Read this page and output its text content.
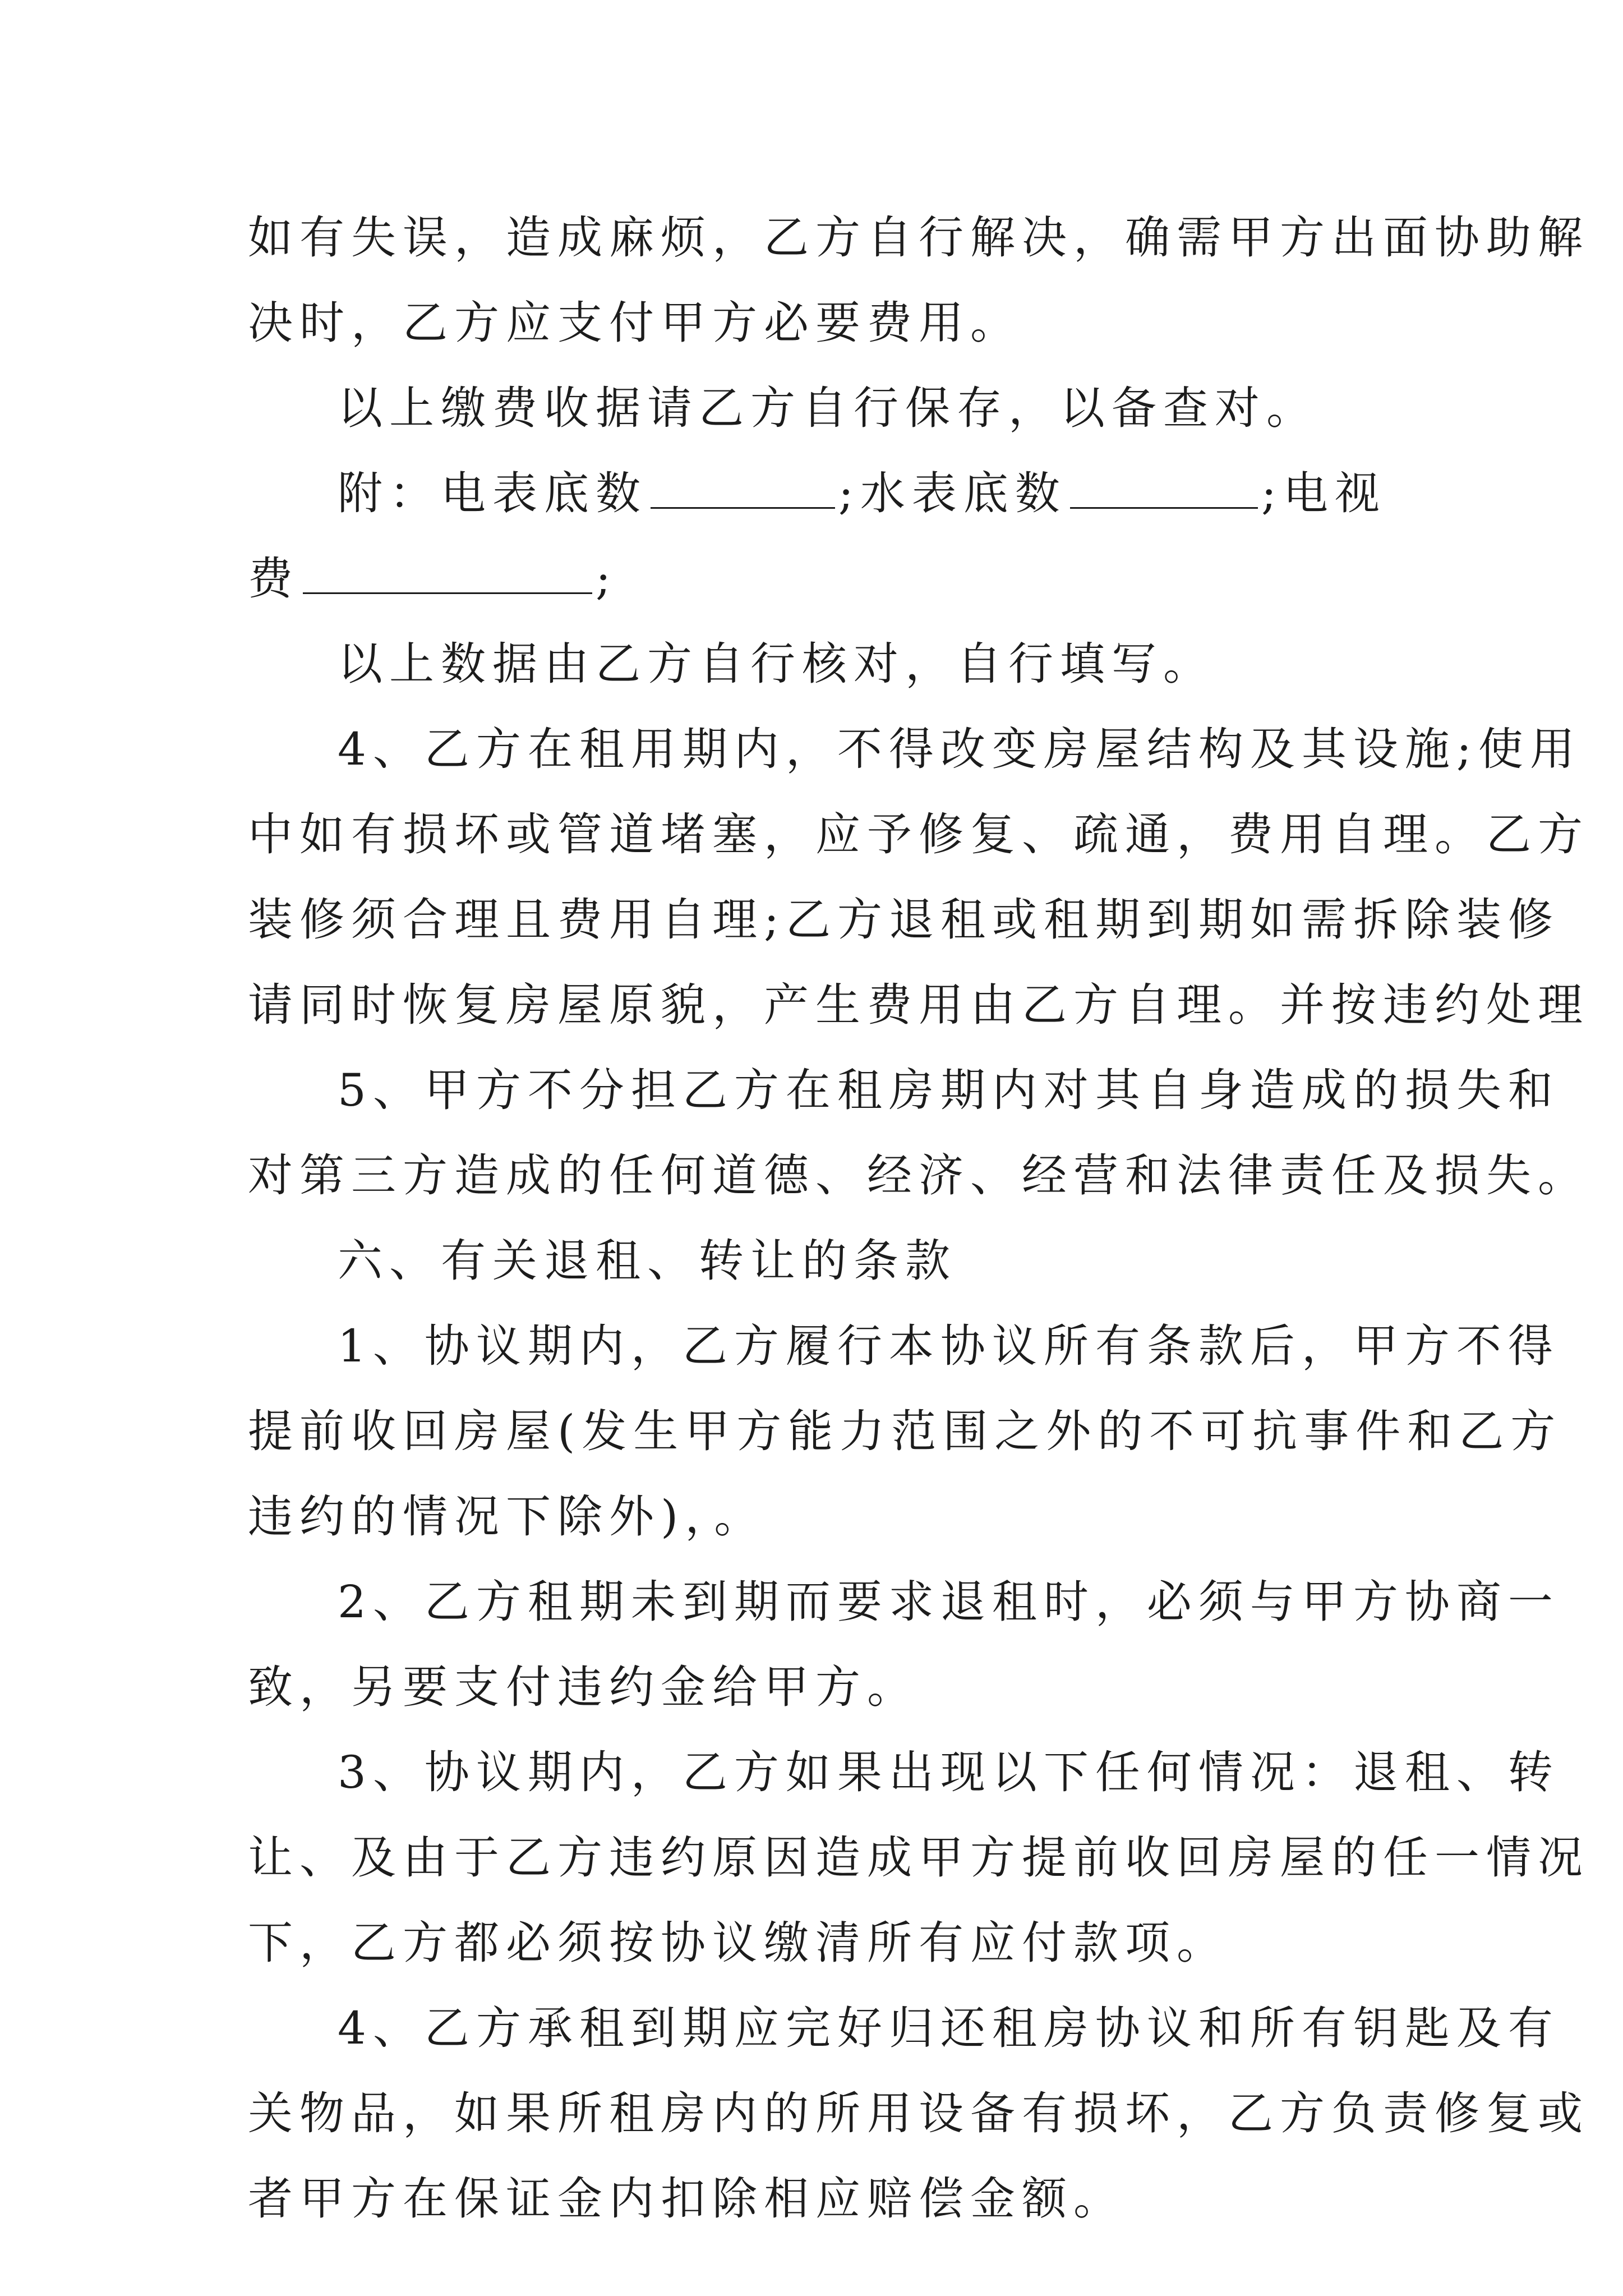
如有失误，造成麻烦，乙方自行解决，确需甲方出面协助解
决时，乙方应支付甲方必要费用。
以上缴费收据请乙方自行保存，以备查对。
附：电表底数	;水表底数	;电视
费	;
以上数据由乙方自行核对，自行填写。
4、乙方在租用期内，不得改变房屋结构及其设施;使用
中如有损坏或管道堵塞，应予修复、疏通，费用自理。乙方
装修须合理且费用自理;乙方退租或租期到期如需拆除装修
请同时恢复房屋原貌，产生费用由乙方自理。并按违约处理
5、甲方不分担乙方在租房期内对其自身造成的损失和
对第三方造成的任何道德、经济、经营和法律责任及损失。
六、有关退租、转让的条款
1、协议期内，乙方履行本协议所有条款后，甲方不得
提前收回房屋(发生甲方能力范围之外的不可抗事件和乙方
违约的情况下除外)，。
2、乙方租期未到期而要求退租时，必须与甲方协商一
致，另要支付违约金给甲方。
3、协议期内，乙方如果出现以下任何情况：退租、转
让、及由于乙方违约原因造成甲方提前收回房屋的任一情况
下，乙方都必须按协议缴清所有应付款项。
4、乙方承租到期应完好归还租房协议和所有钥匙及有
关物品，如果所租房内的所用设备有损坏，乙方负责修复或
者甲方在保证金内扣除相应赔偿金额。
